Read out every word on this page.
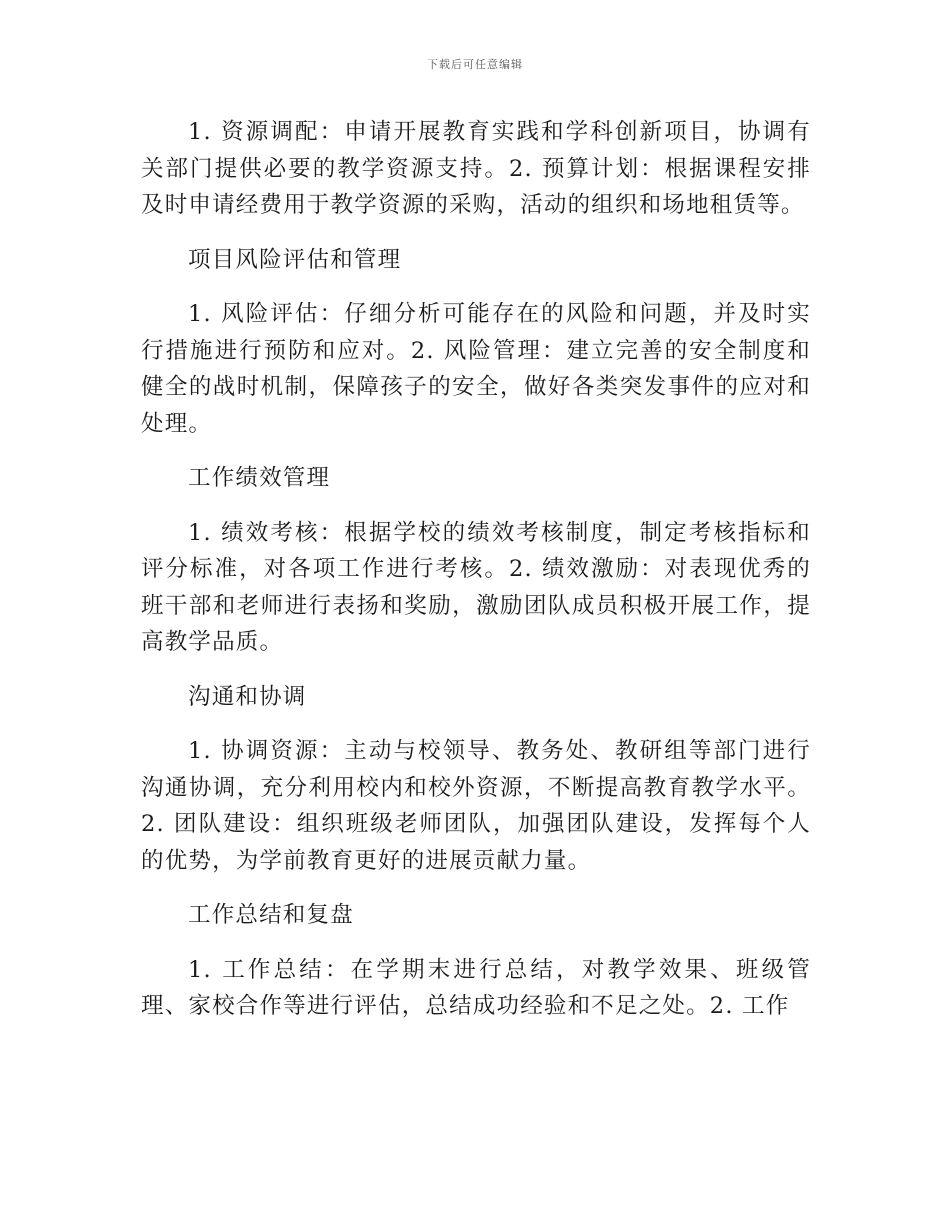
下载后可任意编辑

1. 资源调配：申请开展教育实践和学科创新项目，协调有关部门提供必要的教学资源支持。2. 预算计划：根据课程安排及时申请经费用于教学资源的采购，活动的组织和场地租赁等。

项目风险评估和管理

1. 风险评估：仔细分析可能存在的风险和问题，并及时实行措施进行预防和应对。2. 风险管理：建立完善的安全制度和健全的战时机制，保障孩子的安全，做好各类突发事件的应对和处理。

工作绩效管理

1. 绩效考核：根据学校的绩效考核制度，制定考核指标和评分标准，对各项工作进行考核。2. 绩效激励：对表现优秀的班干部和老师进行表扬和奖励，激励团队成员积极开展工作，提高教学品质。

沟通和协调

1. 协调资源：主动与校领导、教务处、教研组等部门进行沟通协调，充分利用校内和校外资源，不断提高教育教学水平。2. 团队建设：组织班级老师团队，加强团队建设，发挥每个人的优势，为学前教育更好的进展贡献力量。

工作总结和复盘

1. 工作总结：在学期末进行总结，对教学效果、班级管理、家校合作等进行评估，总结成功经验和不足之处。2. 工作
